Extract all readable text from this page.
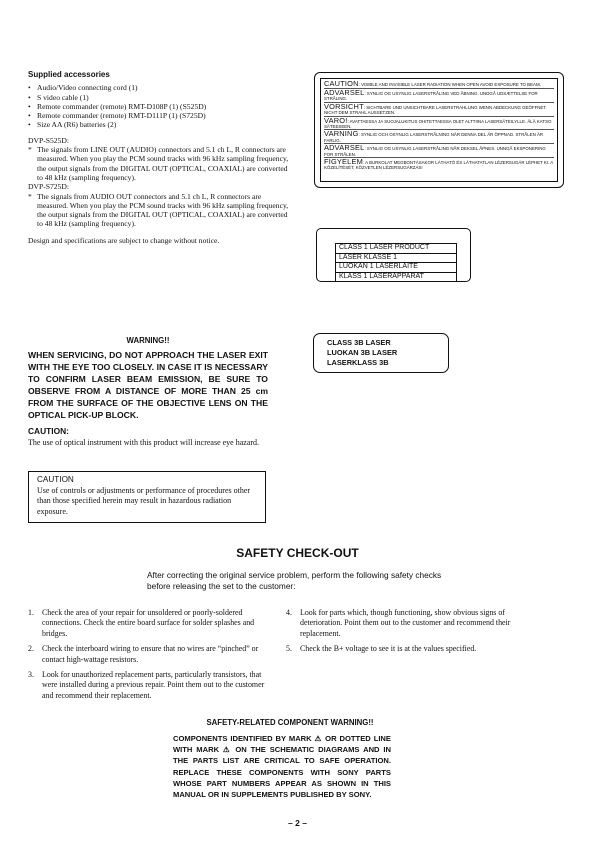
Supplied accessories
• Audio/Video connecting cord (1)
• S video cable (1)
• Remote commander (remote) RMT-D108P (1) (S525D)
• Remote commander (remote) RMT-D111P (1) (S725D)
• Size AA (R6) batteries (2)
DVP-S525D:
* The signals from LINE OUT (AUDIO) connectors and 5.1 ch L, R connectors are measured. When you play the PCM sound tracks with 96 kHz sampling frequency, the output signals from the DIGITAL OUT (OPTICAL, COAXIAL) are converted to 48 kHz (sampling frequency).
DVP-S725D:
* The signals from AUDIO OUT connectors and 5.1 ch L, R connectors are measured. When you play the PCM sound tracks with 96 kHz sampling frequency, the output signals from the DIGITAL OUT (OPTICAL, COAXIAL) are converted to 48 kHz (sampling frequency).
Design and specifications are subject to change without notice.
CAUTION: VISIBLE AND INVISIBLE LASER RADIATION WHEN OPEN AVOID EXPOSURE TO BEAM.
ADVARSEL: SYNLIG OG USYNLIG LASERSTRÅLING VED ÅBNING. UNDGÅ UDSÆTTELSE FOR STRÅLING.
VORSICHT: SICHTBARE UND UNSICHTBARE LASERSTRAHLUNG WENN ABDECKUNG GEÖFFNET. NICHT DEM STRAHL AUSSETZEN.
VARO!: AVATTAESSA JA SUOJALUKITUS OHITETTAESSA OLET ALTTIINA LASERSÄTEILYLLE. ÄLÄ KATSO SÄTEESEEN.
VARNING: SYNLIG OCH OSYNLIG LASERSTRÅLNING NÄR DENNA DEL ÄR ÖPPNAD. STRÅLEN ÄR FARLIG.
ADVARSEL: SYNLIG OG USYNLIG LASERSTRÅLING NÅR DEKSEL ÅPNES. UNNGÅ EKSPONERING FOR STRÅLEN.
FIGYELEM: A BURKOLAT MEGBONTÁSAKOR LÁTHATÓ ÉS LÁTHATATLAN LÉZERSUGÁR LÉPHET KI. A KÖZELÍTÉSÉT, KÖZVETLEN LÉZERSUGÁRZÁS!
CLASS 1 LASER PRODUCT
LASER KLASSE 1
LUOKAN 1 LASERLAITE
KLASS 1 LASERAPPARAT
CLASS 3B LASER
LUOKAN 3B LASER
LASERKLASS 3B
WARNING!!
WHEN SERVICING, DO NOT APPROACH THE LASER EXIT WITH THE EYE TOO CLOSELY. IN CASE IT IS NECESSARY TO CONFIRM LASER BEAM EMISSION, BE SURE TO OBSERVE FROM A DISTANCE OF MORE THAN 25 cm FROM THE SURFACE OF THE OBJECTIVE LENS ON THE OPTICAL PICK-UP BLOCK.
CAUTION:
The use of optical instrument with this product will increase eye hazard.
CAUTION
Use of controls or adjustments or performance of procedures other than those specified herein may result in hazardous radiation exposure.
SAFETY CHECK-OUT
After correcting the original service problem, perform the following safety checks before releasing the set to the customer:
1. Check the area of your repair for unsoldered or poorly-soldered connections. Check the entire board surface for solder splashes and bridges.
2. Check the interboard wiring to ensure that no wires are “pinched” or contact high-wattage resistors.
3. Look for unauthorized replacement parts, particularly transistors, that were installed during a previous repair. Point them out to the customer and recommend their replacement.
4. Look for parts which, though functioning, show obvious signs of deterioration. Point them out to the customer and recommend their replacement.
5. Check the B+ voltage to see it is at the values specified.
SAFETY-RELATED COMPONENT WARNING!!
COMPONENTS IDENTIFIED BY MARK ⚠ OR DOTTED LINE WITH MARK ⚠ ON THE SCHEMATIC DIAGRAMS AND IN THE PARTS LIST ARE CRITICAL TO SAFE OPERATION. REPLACE THESE COMPONENTS WITH SONY PARTS WHOSE PART NUMBERS APPEAR AS SHOWN IN THIS MANUAL OR IN SUPPLEMENTS PUBLISHED BY SONY.
– 2 –
